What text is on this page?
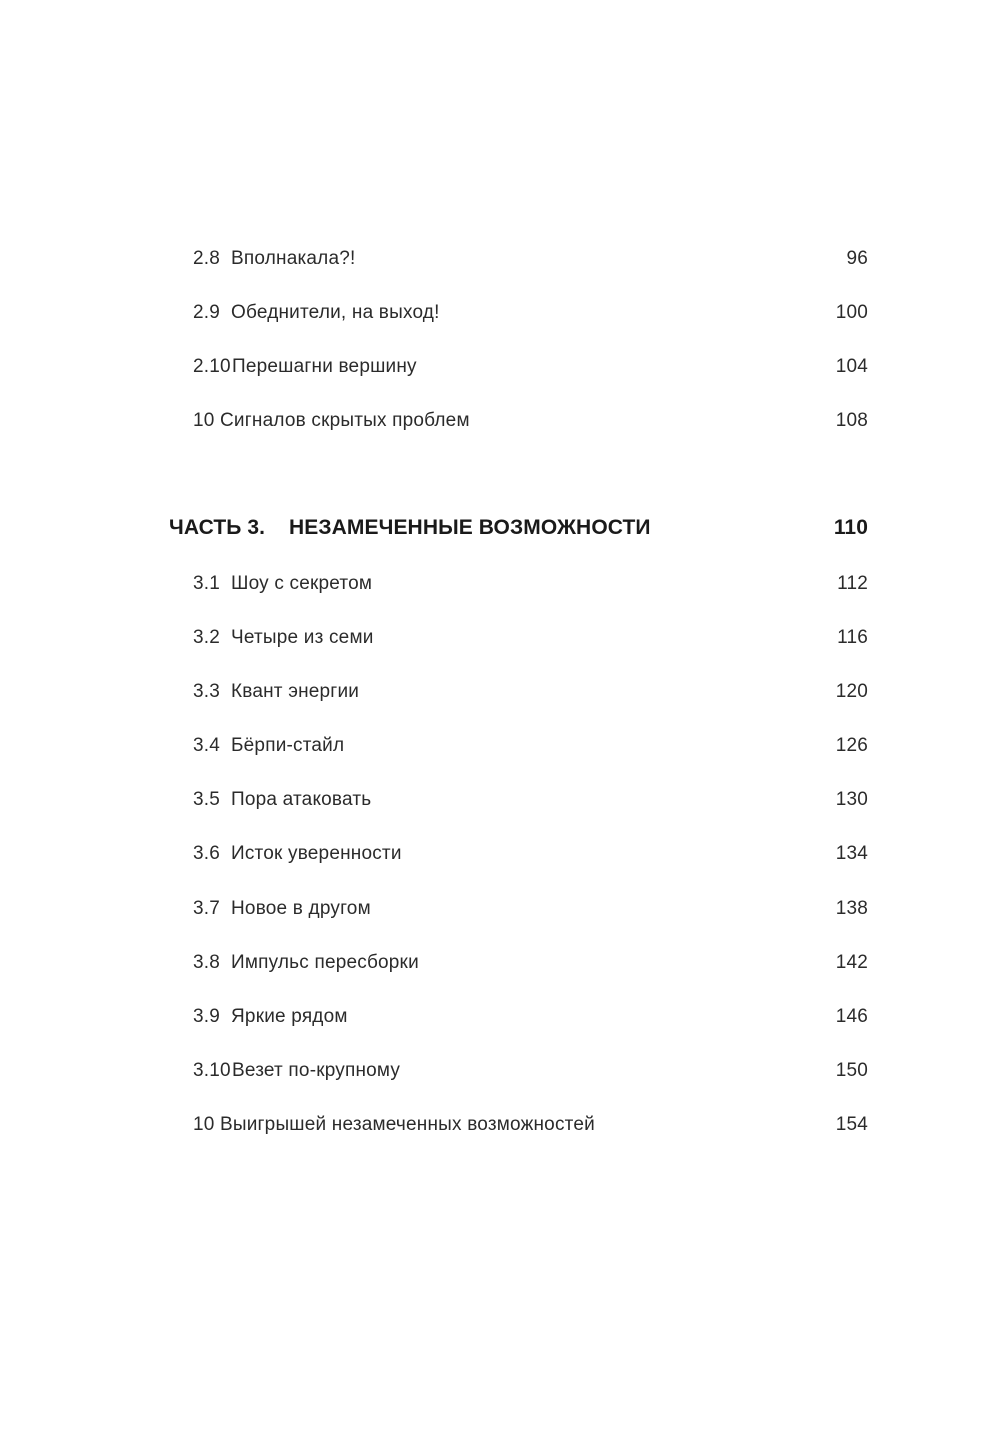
2.8 Вполнакала?!	96
2.9 Обеднители, на выход!	100
2.10 Перешагни вершину	104
10 Сигналов скрытых проблем	108
ЧАСТЬ 3. НЕЗАМЕЧЕННЫЕ ВОЗМОЖНОСТИ	110
3.1 Шоу с секретом	112
3.2 Четыре из семи	116
3.3 Квант энергии	120
3.4 Бёрпи-стайл	126
3.5 Пора атаковать	130
3.6 Исток уверенности	134
3.7 Новое в другом	138
3.8 Импульс пересборки	142
3.9 Яркие рядом	146
3.10 Везет по-крупному	150
10 Выигрышей незамеченных возможностей	154
